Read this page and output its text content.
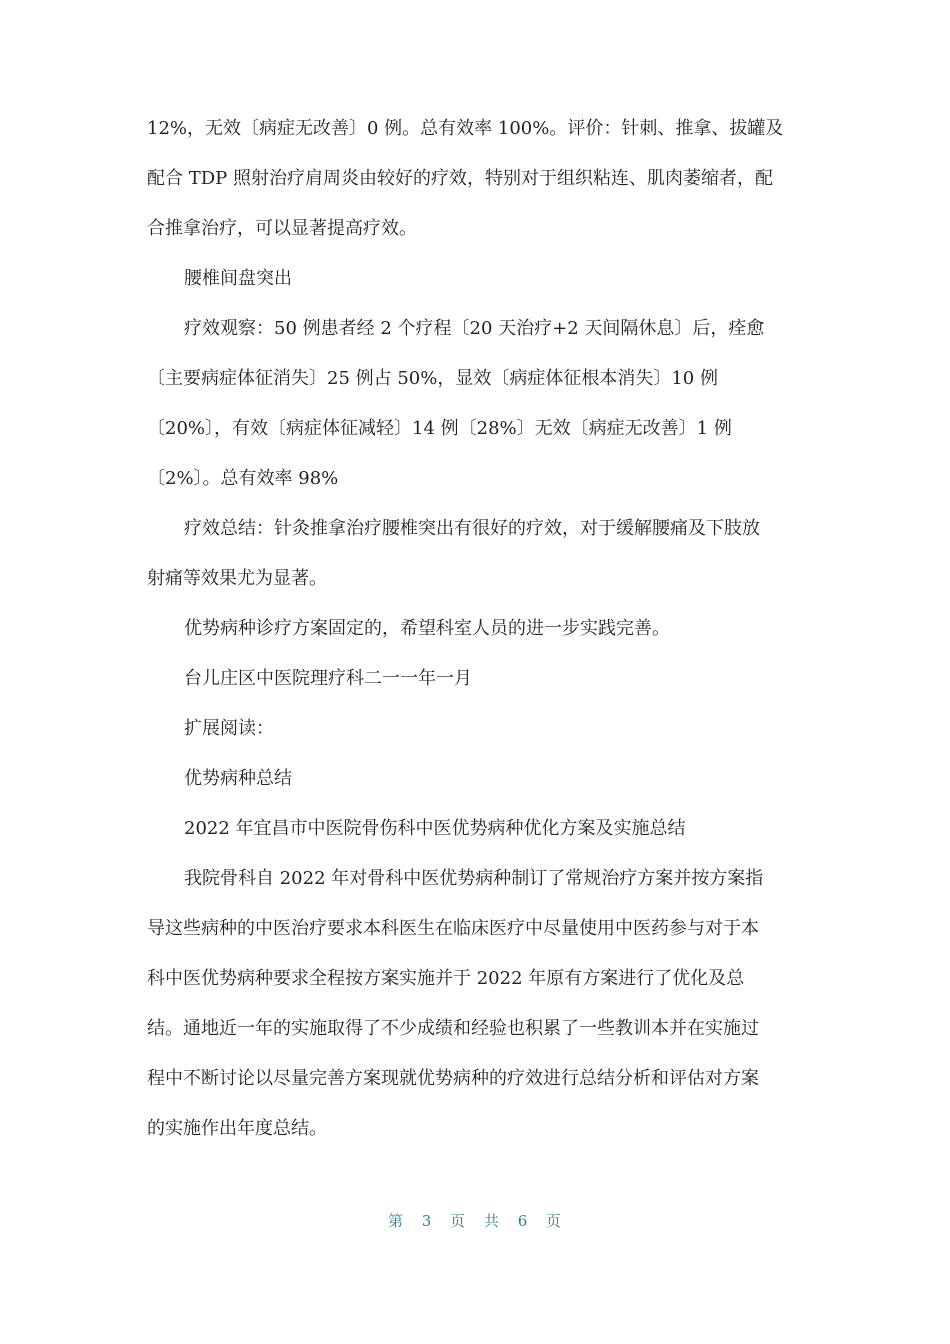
12%，无效〔病症无改善〕0 例。总有效率 100%。评价：针刺、推拿、拔罐及
配合 TDP 照射治疗肩周炎由较好的疗效，特别对于组织粘连、肌肉萎缩者，配
合推拿治疗，可以显著提高疗效。
腰椎间盘突出
疗效观察：50 例患者经 2 个疗程〔20 天治疗+2 天间隔休息〕后，痊愈
〔主要病症体征消失〕25 例占 50%，显效〔病症体征根本消失〕10 例
〔20%〕，有效〔病症体征减轻〕14 例〔28%〕无效〔病症无改善〕1 例
〔2%〕。总有效率 98%
疗效总结：针灸推拿治疗腰椎突出有很好的疗效，对于缓解腰痛及下肢放
射痛等效果尤为显著。
优势病种诊疗方案固定的，希望科室人员的进一步实践完善。
台儿庄区中医院理疗科二一一年一月
扩展阅读：
优势病种总结
2022 年宜昌市中医院骨伤科中医优势病种优化方案及实施总结
我院骨科自 2022 年对骨科中医优势病种制订了常规治疗方案并按方案指
导这些病种的中医治疗要求本科医生在临床医疗中尽量使用中医药参与对于本
科中医优势病种要求全程按方案实施并于 2022 年原有方案进行了优化及总
结。通地近一年的实施取得了不少成绩和经验也积累了一些教训本并在实施过
程中不断讨论以尽量完善方案现就优势病种的疗效进行总结分析和评估对方案
的实施作出年度总结。
第 3 页 共 6 页
